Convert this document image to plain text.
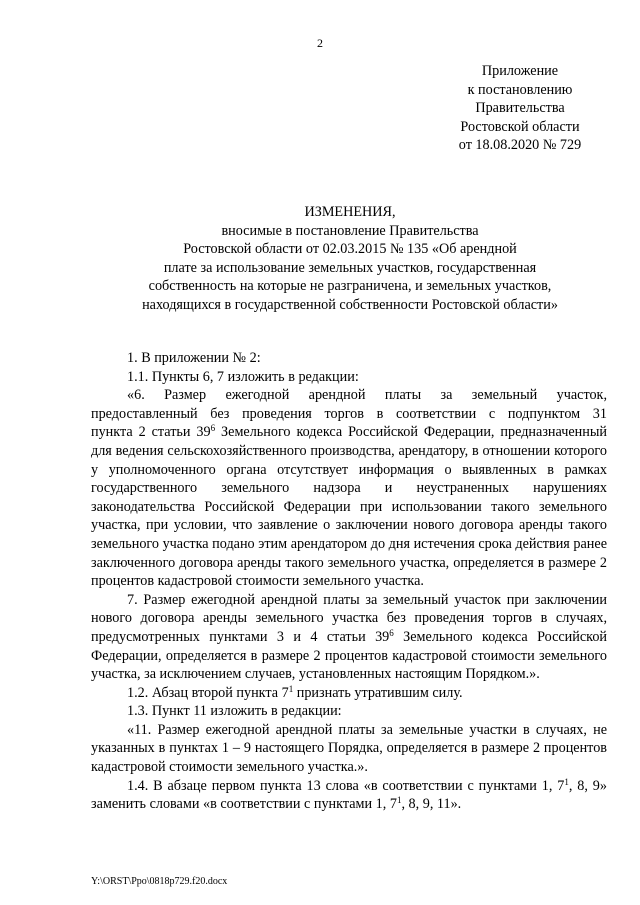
2
Приложение
к постановлению
Правительства
Ростовской области
от 18.08.2020 № 729
ИЗМЕНЕНИЯ,
вносимые в постановление Правительства
Ростовской области от 02.03.2015 № 135 «Об арендной
плате за использование земельных участков, государственная
собственность на которые не разграничена, и земельных участков,
находящихся в государственной собственности Ростовской области»

1. В приложении № 2:

1.1. Пункты 6, 7 изложить в редакции:

«6. Размер ежегодной арендной платы за земельный участок,
предоставленный без проведения торгов в соответствии с подпунктом 31
пункта 2 статьи $39^6$ Земельного кодекса Российской Федерации, предназначенный
для ведения сельскохозяйственного производства, арендатору, в отношении которого у уполномоченного органа отсутствует информация о выявленных в рамках государственного земельного надзора и неустраненных нарушениях законодательства Российской Федерации при использовании такого земельного участка, при условии, что заявление о заключении нового договора аренды такого земельного участка подано этим арендатором до дня истечения срока действия ранее заключенного договора аренды такого земельного участка, определяется в размере 2 процентов кадастровой стоимости земельного участка.

7. Размер ежегодной арендной платы за земельный участок при заключении
нового договора аренды земельного участка без проведения торгов в случаях,
предусмотренных пунктами 3 и 4 статьи $39^6$ Земельного кодекса Российской
Федерации, определяется в размере 2 процентов кадастровой стоимости земельного участка, за исключением случаев, установленных настоящим Порядком.».

1.2. Абзац второй пункта $7^1$ признать утратившим силу.

1.3. Пункт 11 изложить в редакции:

«11. Размер ежегодной арендной платы за земельные участки в случаях, не указанных в пунктах 1 – 9 настоящего Порядка, определяется в размере 2 процентов кадастровой стоимости земельного участка.».

1.4. В абзаце первом пункта 13 слова «в соответствии с пунктами 1, $7^1$, 8, 9» заменить словами «в соответствии с пунктами 1, $7^1$, 8, 9, 11».

Y:\ORST\Ppo\0818p729.f20.docx
